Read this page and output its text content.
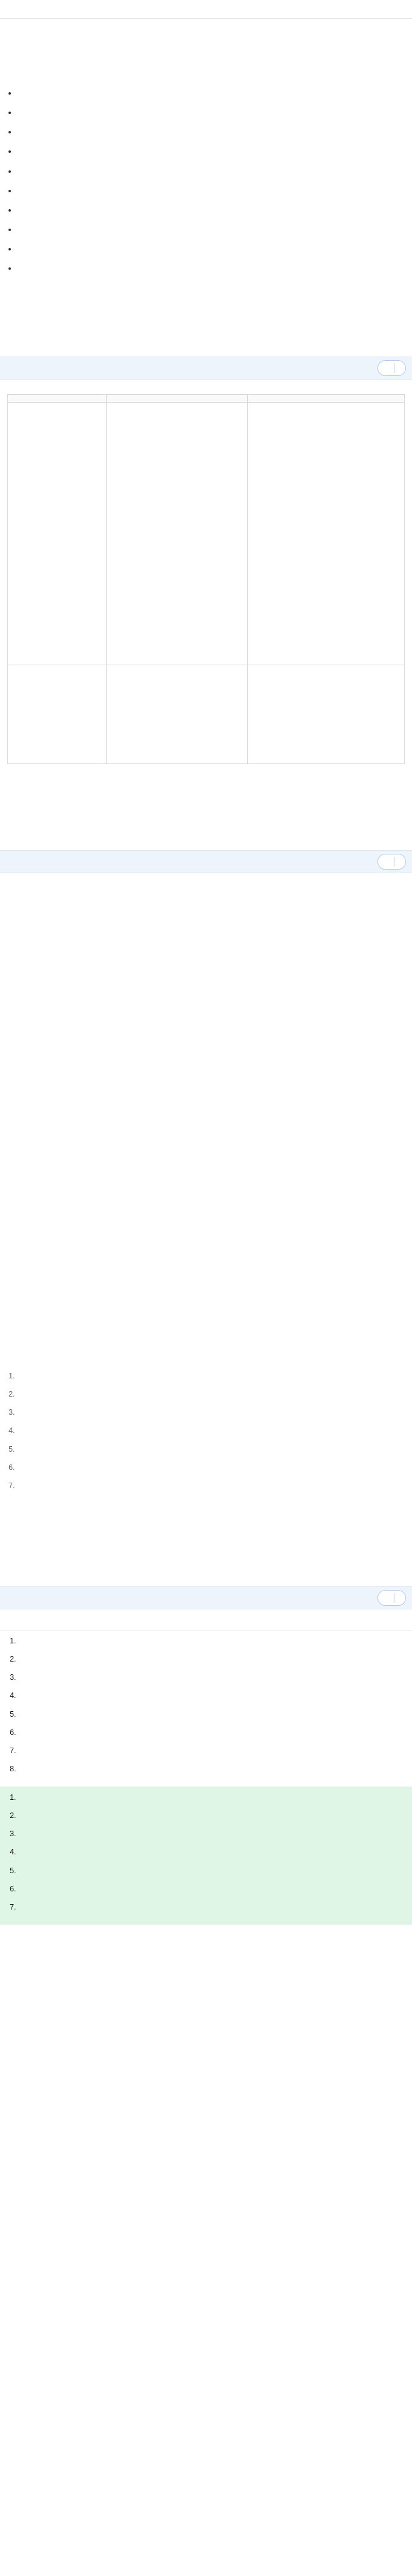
•
•
•
•
•
•
•
•
•
•

1.
2.
3.
4.
5.
6.
7.
1.
2.
3.
4.
5.
6.
7.
8.
1.
2.
3.
4.
5.
6.
7.
